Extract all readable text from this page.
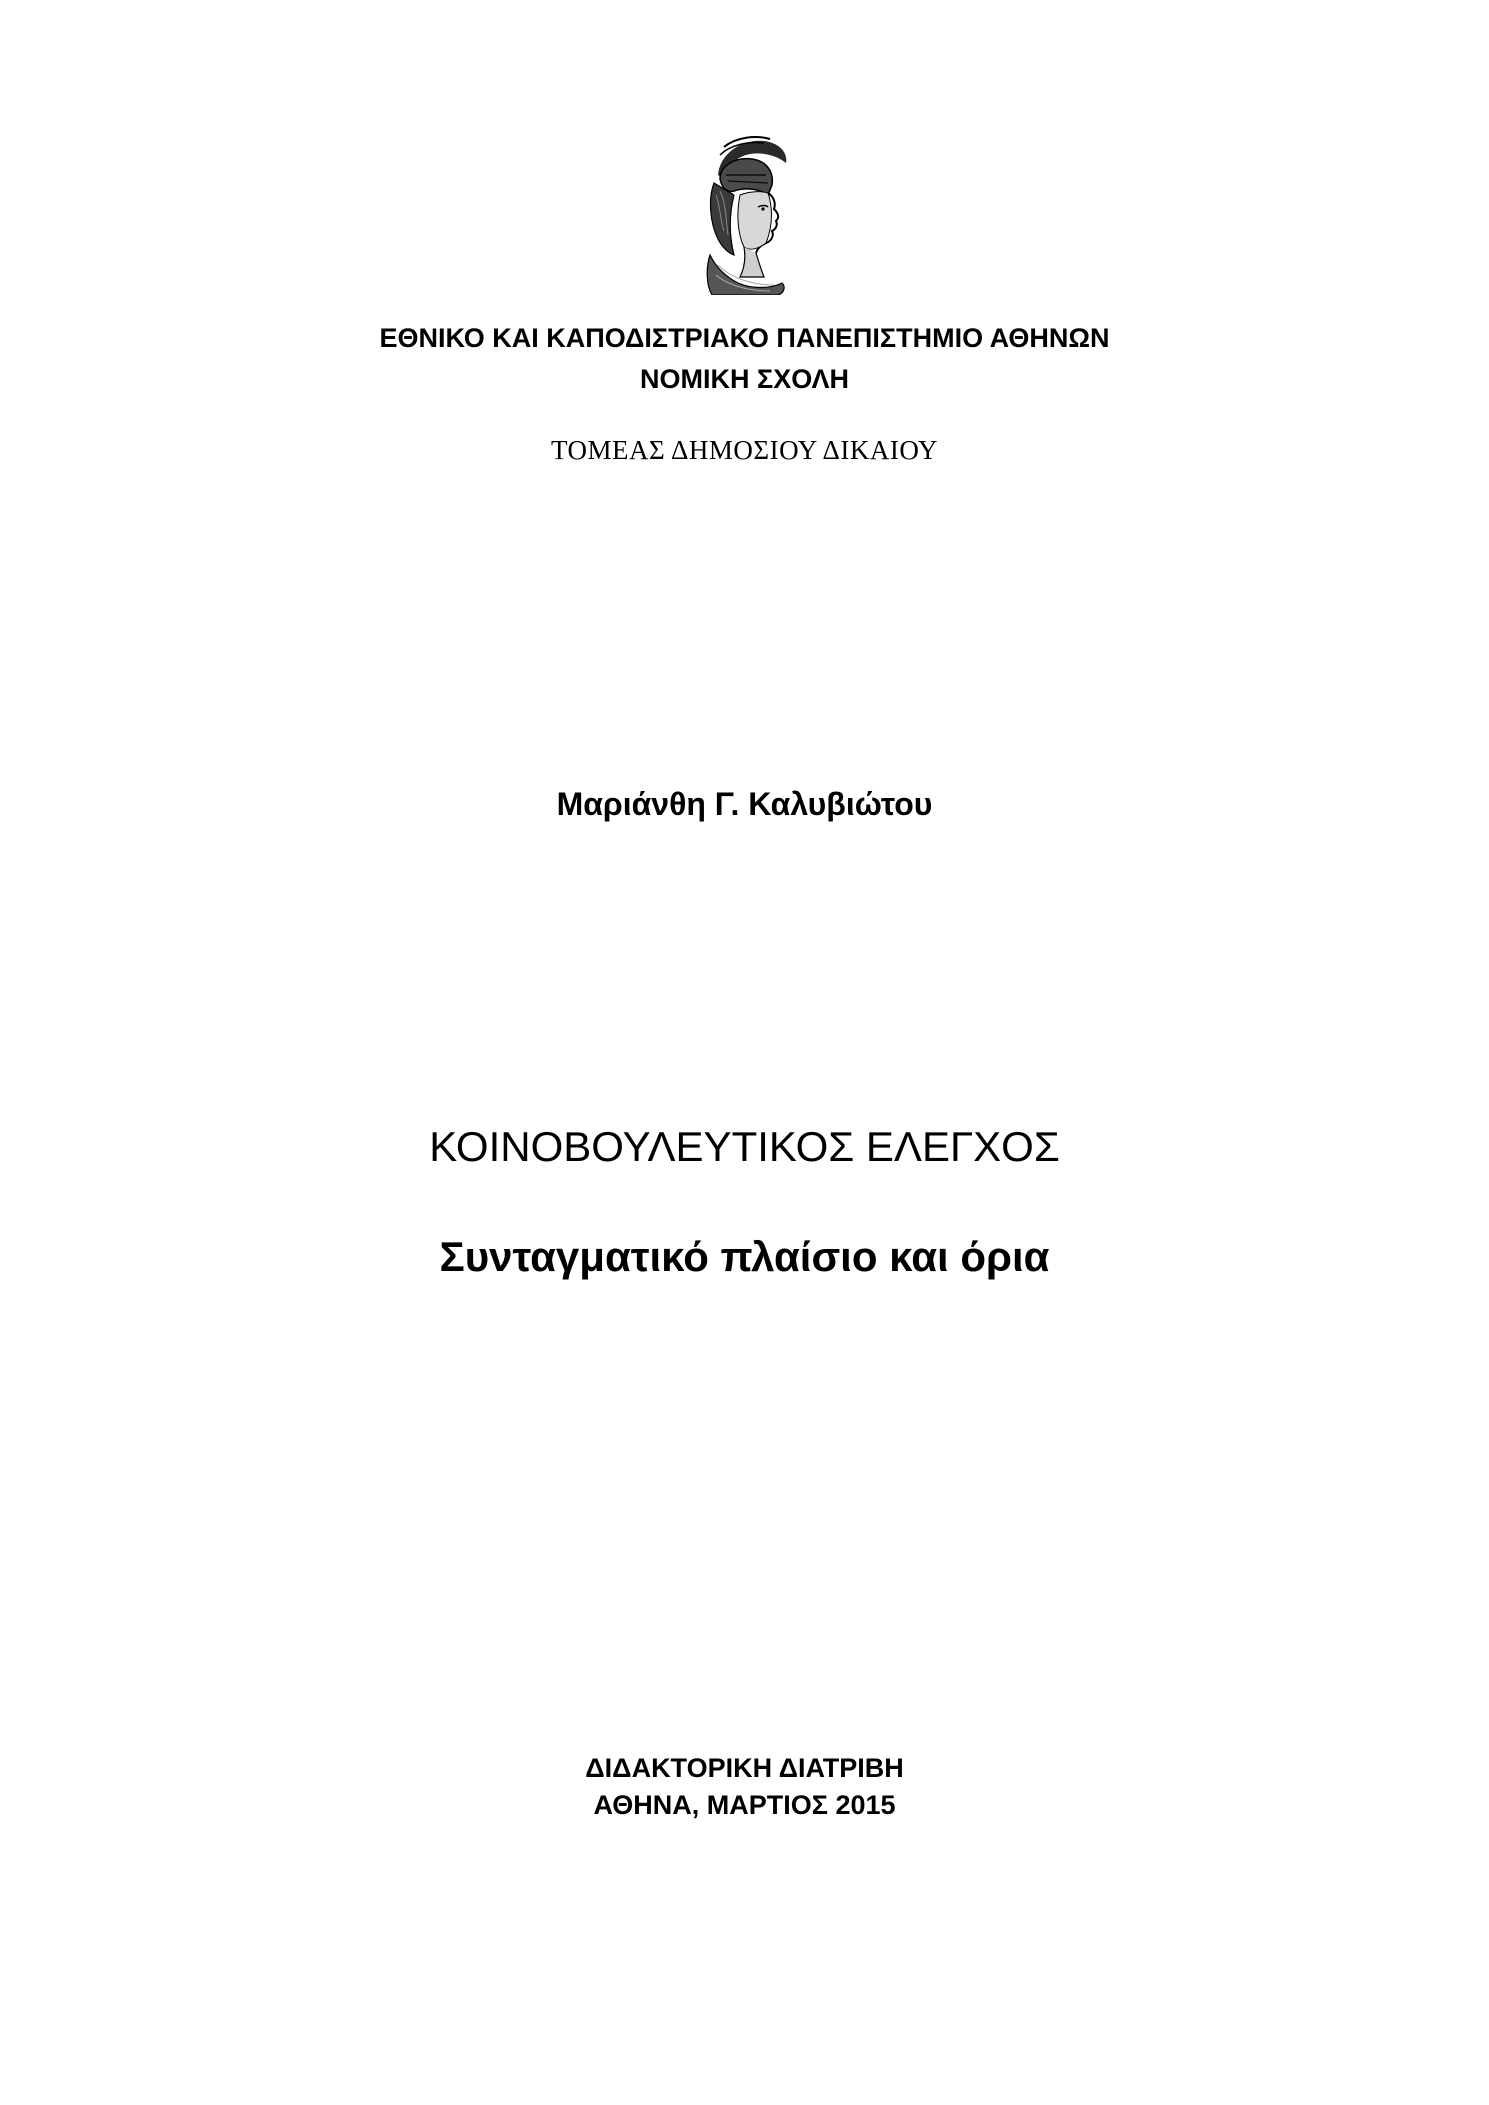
ΕΘΝΙΚΟ ΚΑΙ ΚΑΠΟΔΙΣΤΡΙΑΚΟ ΠΑΝΕΠΙΣΤΗΜΙΟ ΑΘΗΝΩΝ
ΝΟΜΙΚΗ ΣΧΟΛΗ
ΤΟΜΕΑΣ ΔΗΜΟΣΙΟΥ ΔΙΚΑΙΟΥ
Μαριάνθη Γ. Καλυβιώτου
ΚΟΙΝΟΒΟΥΛΕΥΤΙΚΟΣ ΕΛΕΓΧΟΣ
Συνταγματικό πλαίσιο και όρια
ΔΙΔΑΚΤΟΡΙΚΗ ΔΙΑΤΡΙΒΗ
ΑΘΗΝΑ, ΜΑΡΤΙΟΣ 2015
